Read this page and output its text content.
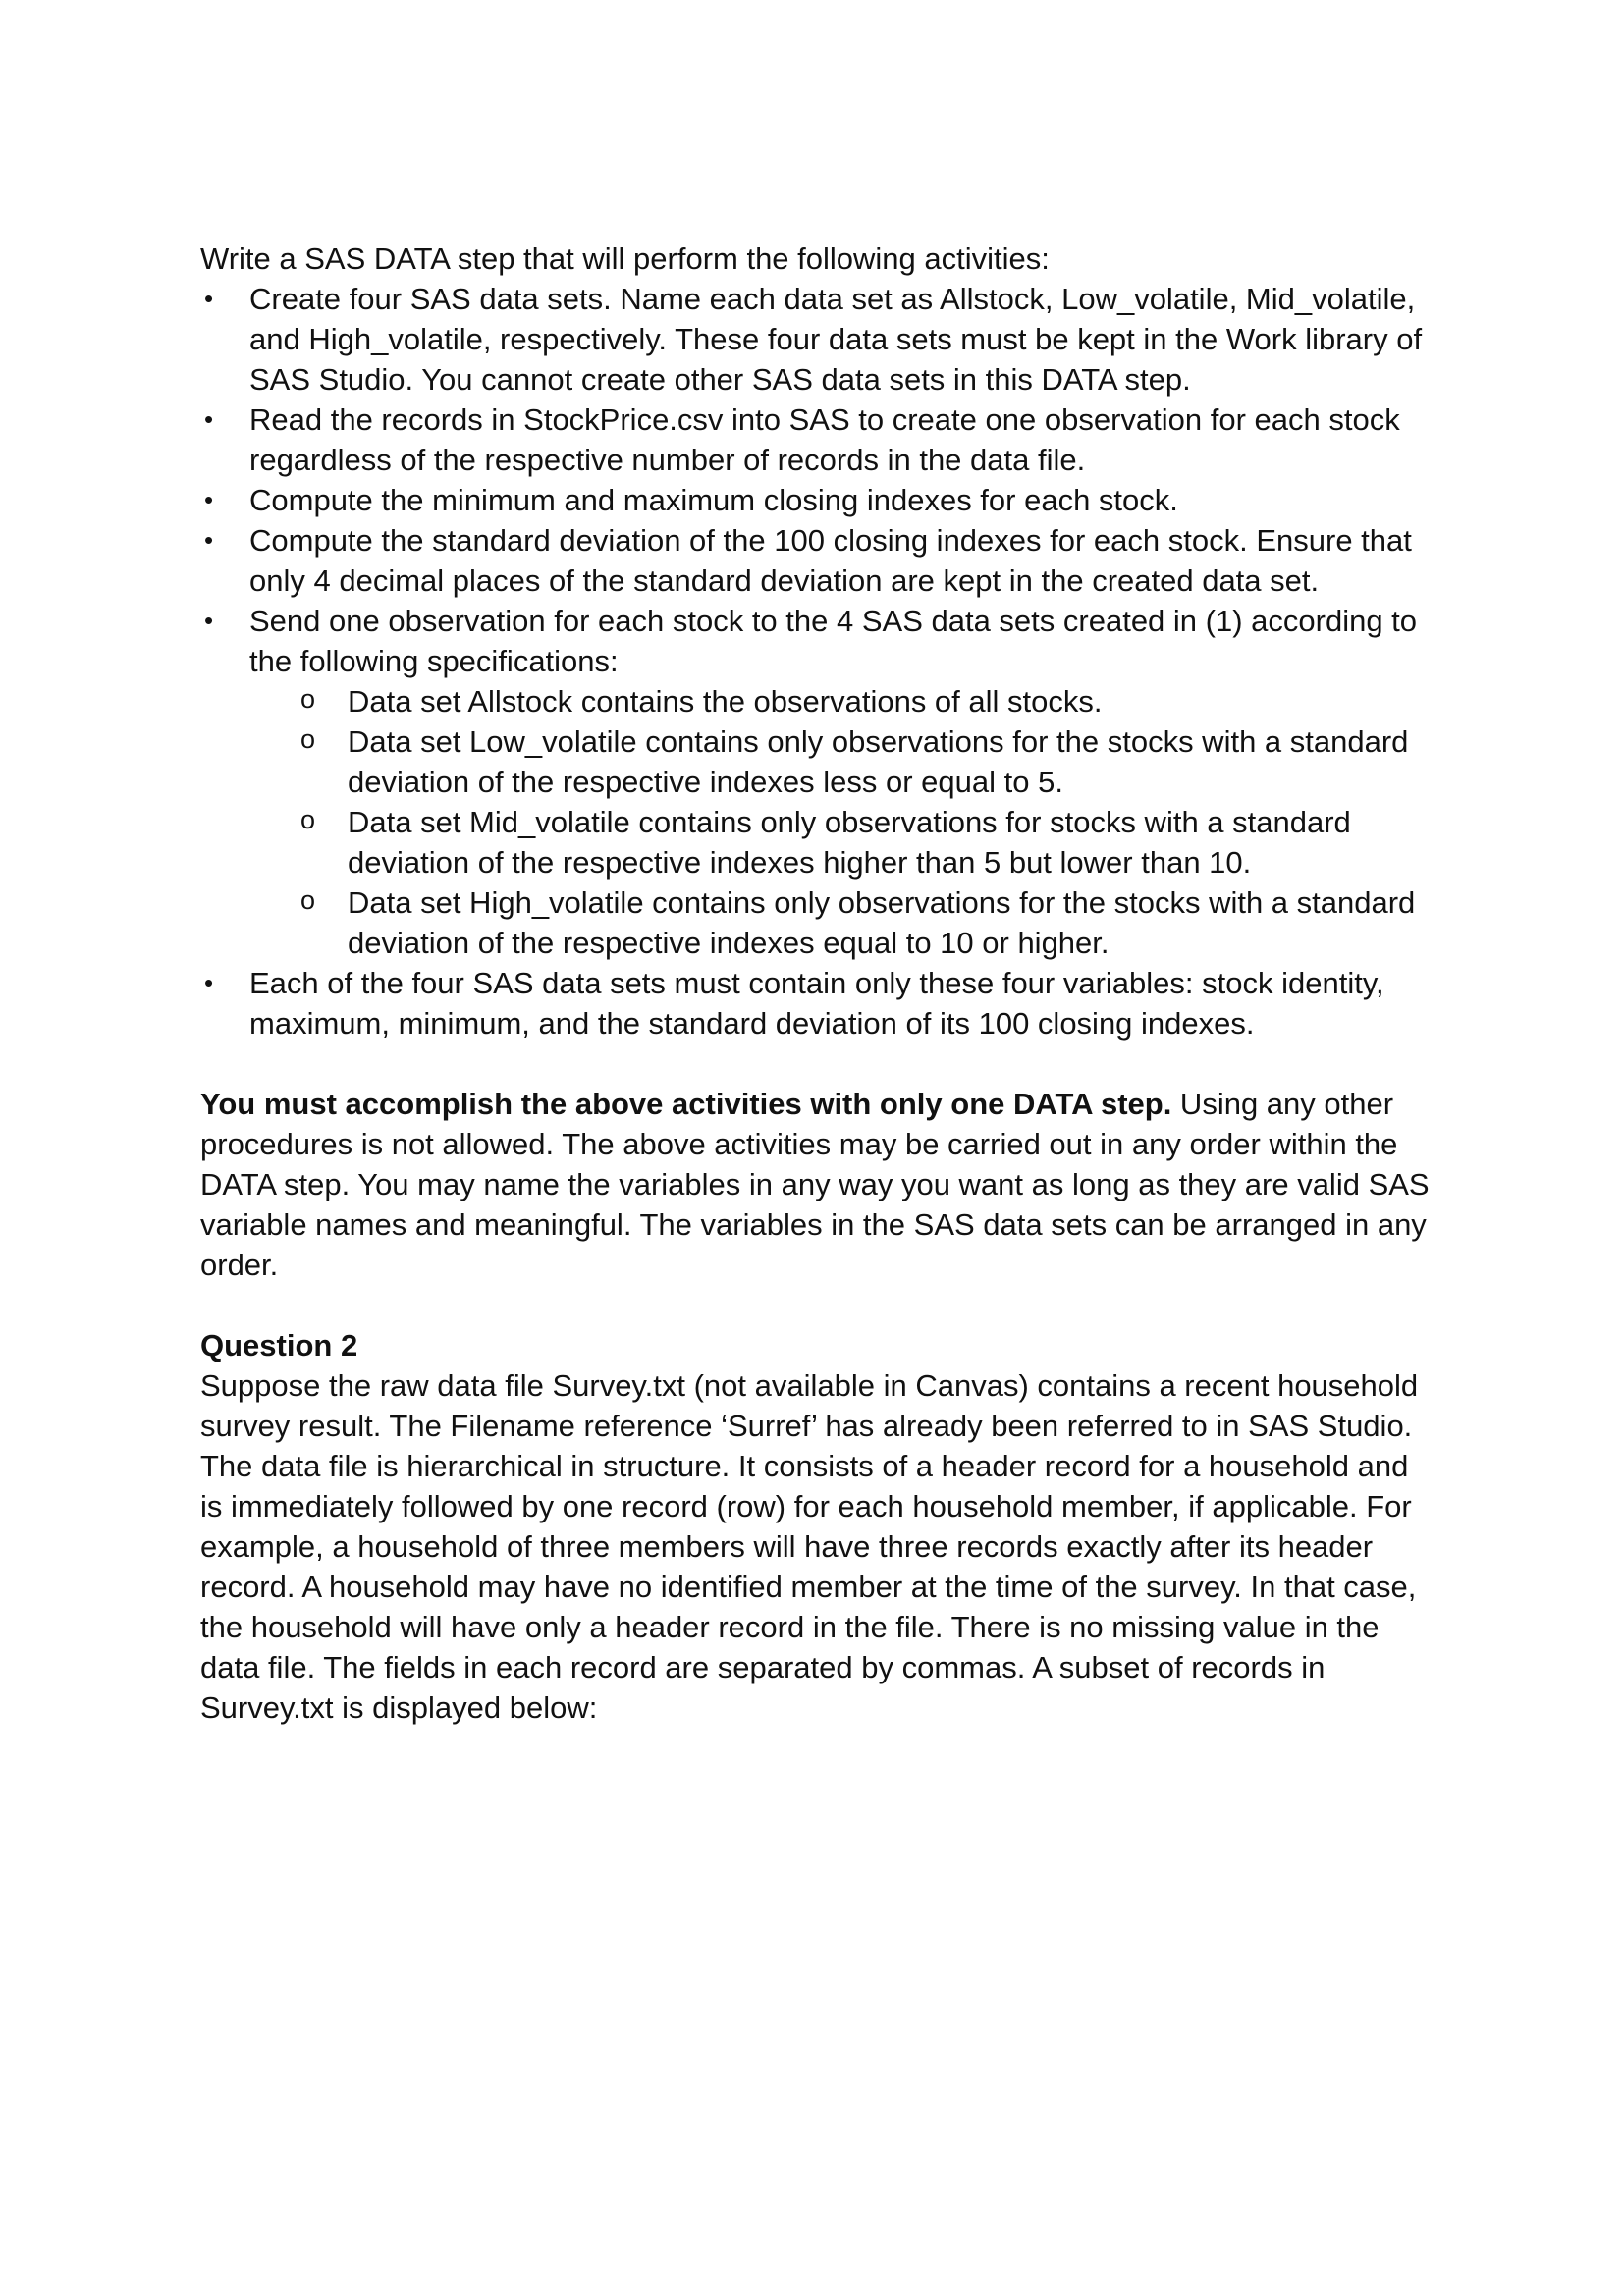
Write a SAS DATA step that will perform the following activities:

• Create four SAS data sets. Name each data set as Allstock, Low_volatile, Mid_volatile, and High_volatile, respectively. These four data sets must be kept in the Work library of SAS Studio. You cannot create other SAS data sets in this DATA step.
• Read the records in StockPrice.csv into SAS to create one observation for each stock regardless of the respective number of records in the data file.
• Compute the minimum and maximum closing indexes for each stock.
• Compute the standard deviation of the 100 closing indexes for each stock. Ensure that only 4 decimal places of the standard deviation are kept in the created data set.
• Send one observation for each stock to the 4 SAS data sets created in (1) according to the following specifications:
o Data set Allstock contains the observations of all stocks.
o Data set Low_volatile contains only observations for the stocks with a standard deviation of the respective indexes less or equal to 5.
o Data set Mid_volatile contains only observations for stocks with a standard deviation of the respective indexes higher than 5 but lower than 10.
o Data set High_volatile contains only observations for the stocks with a standard deviation of the respective indexes equal to 10 or higher.
• Each of the four SAS data sets must contain only these four variables: stock identity, maximum, minimum, and the standard deviation of its 100 closing indexes.

You must accomplish the above activities with only one DATA step. Using any other procedures is not allowed. The above activities may be carried out in any order within the DATA step. You may name the variables in any way you want as long as they are valid SAS variable names and meaningful. The variables in the SAS data sets can be arranged in any order.

Question 2

Suppose the raw data file Survey.txt (not available in Canvas) contains a recent household survey result. The Filename reference ‘Surref’ has already been referred to in SAS Studio. The data file is hierarchical in structure. It consists of a header record for a household and is immediately followed by one record (row) for each household member, if applicable. For example, a household of three members will have three records exactly after its header record. A household may have no identified member at the time of the survey. In that case, the household will have only a header record in the file. There is no missing value in the data file. The fields in each record are separated by commas. A subset of records in Survey.txt is displayed below:
